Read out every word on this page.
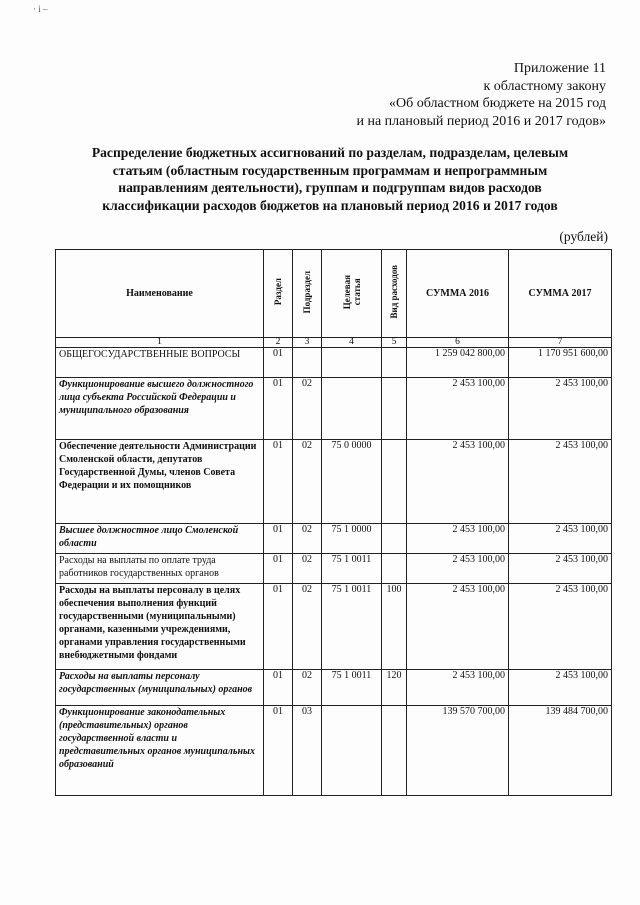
· i –
Приложение 11
к областному закону
«Об областном бюджете на 2015 год
и на плановый период 2016 и 2017 годов»
Распределение бюджетных ассигнований по разделам, подразделам, целевым
статьям (областным государственным программам и непрограммным
направлениям деятельности), группам и подгруппам видов расходов
классификации расходов бюджетов на плановый период 2016 и 2017 годов
(рублей)
Наименование	Раздел	Подраздел	Целевая
статья	Вид расходов	СУММА 2016	СУММА 2017
1	2	3	4	5	6	7
ОБЩЕГОСУДАРСТВЕННЫЕ ВОПРОСЫ	01				1 259 042 800,00	1 170 951 600,00
Функционирование высшего должностного лица субъекта Российской Федерации и муниципального образования	01	02			2 453 100,00	2 453 100,00
Обеспечение деятельности Администрации Смоленской области, депутатов Государственной Думы, членов Совета Федерации и их помощников	01	02	75 0 0000		2 453 100,00	2 453 100,00
Высшее должностное лицо Смоленской области	01	02	75 1 0000		2 453 100,00	2 453 100,00
Расходы на выплаты по оплате труда работников государственных органов	01	02	75 1 0011		2 453 100,00	2 453 100,00
Расходы на выплаты персоналу в целях обеспечения выполнения функций государственными (муниципальными) органами, казенными учреждениями, органами управления государственными внебюджетными фондами	01	02	75 1 0011	100	2 453 100,00	2 453 100,00
Расходы на выплаты персоналу государственных (муниципальных) органов	01	02	75 1 0011	120	2 453 100,00	2 453 100,00
Функционирование законодательных (представительных) органов государственной власти и представительных органов муниципальных образований	01	03			139 570 700,00	139 484 700,00
